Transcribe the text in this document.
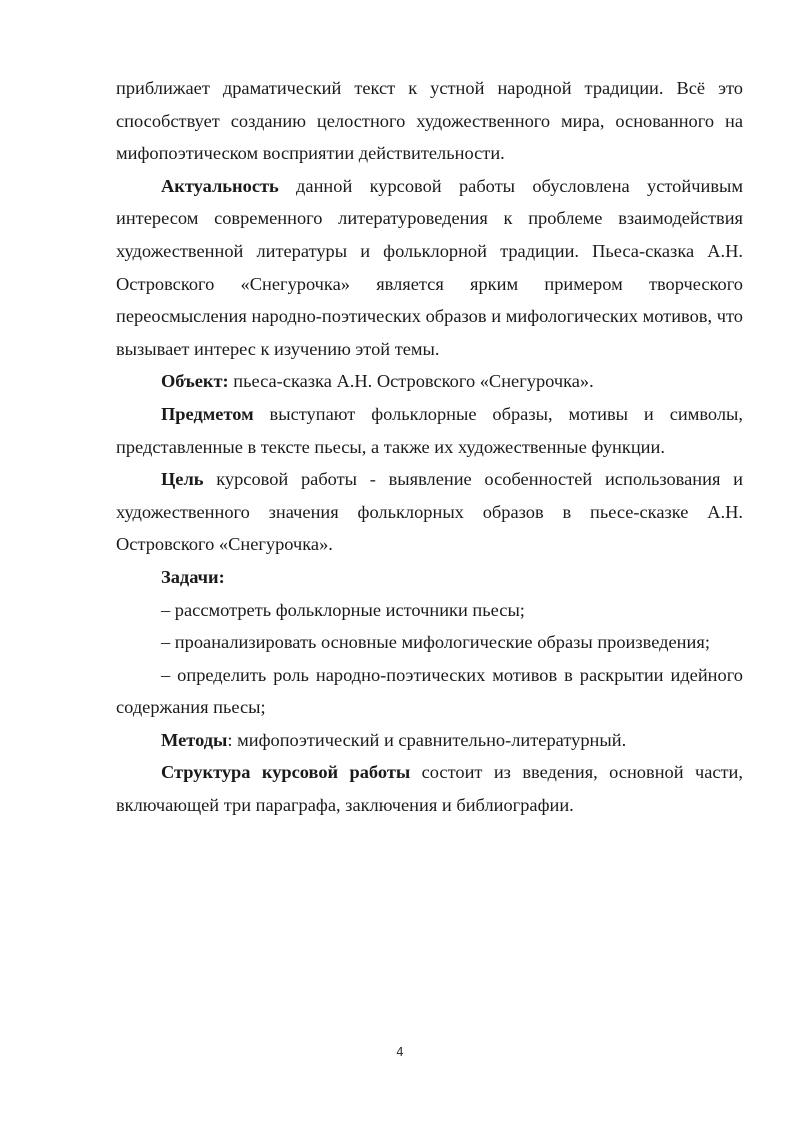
приближает драматический текст к устной народной традиции. Всё это способствует созданию целостного художественного мира, основанного на мифопоэтическом восприятии действительности.

Актуальность данной курсовой работы обусловлена устойчивым интересом современного литературоведения к проблеме взаимодействия художественной литературы и фольклорной традиции. Пьеса-сказка А.Н. Островского «Снегурочка» является ярким примером творческого переосмысления народно-поэтических образов и мифологических мотивов, что вызывает интерес к изучению этой темы.

Объект: пьеса-сказка А.Н. Островского «Снегурочка».

Предметом выступают фольклорные образы, мотивы и символы, представленные в тексте пьесы, а также их художественные функции.

Цель курсовой работы - выявление особенностей использования и художественного значения фольклорных образов в пьесе-сказке А.Н. Островского «Снегурочка».

Задачи:

– рассмотреть фольклорные источники пьесы;

– проанализировать основные мифологические образы произведения;

– определить роль народно-поэтических мотивов в раскрытии идейного содержания пьесы;

Методы: мифопоэтический и сравнительно-литературный.

Структура курсовой работы состоит из введения, основной части, включающей три параграфа, заключения и библиографии.

4
